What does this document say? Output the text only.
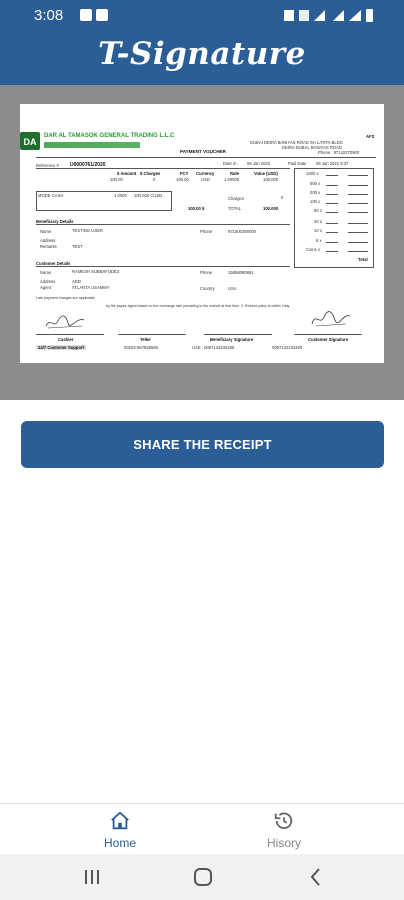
3:08
T-Signature
DA
DAR AL TAMASOK GENERAL TRADING L.L.C
PAYMENT VOUCHER
AFS
DUBAI DEIRA BANIYAS ROAD SH LATIFA BLDG
DEIRA DUBAI, BANIYAS ROAD
Phone : 97142370900
Reference # U0000761/2020	Date in : 06 Jan 2022	Paid Date : 06 Jan 2022 9:37
$ Amount $ Charges	FCY Currency	Rate	Value (USD)
100.00	0	100.00	USD	1.00000	100.000
MODE CASH	1.0000 100.000 CUSD
Charges	0
100.00 $	TOTAL	100.000
1000 x
500 x
200 x
100 x
50 x
20 x
10 x
5 x
Coins x
Total
Beneficiary Details
Name	TESTING USER	Phone	971500390000
Address
Remarks	TEST
Customer Details
Name	RAMESH SUBBAFUDE3	Phone	15868090861
Address	ADD
Agent	ATLANTA USAMMY	Country	USA
Late payment charges are applicable
by the payee agent based on the exchange rate prevailing in the market at that time. 2. Refund policy is within 7day
Cashier	Teller	Beneficiary Signature	Customer Signature
24/7 Customer Support	00202-567826566	UAE : 0097142233406	0097142233406
SHARE THE RECEIPT
Home	Hisory
